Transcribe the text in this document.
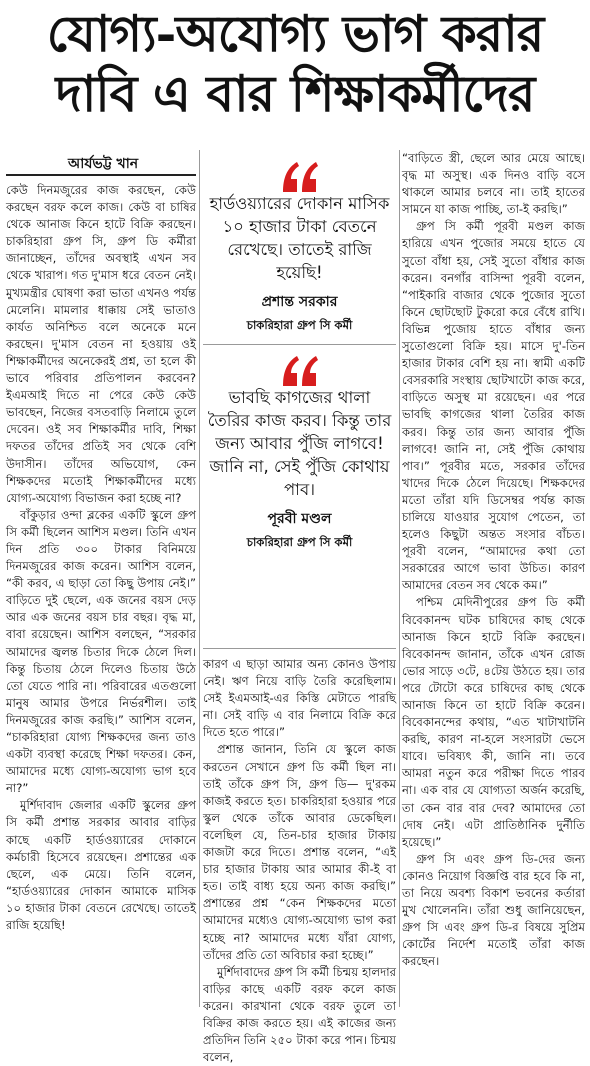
যোগ্য-অযোগ্য ভাগ করার
দাবি এ বার শিক্ষাকর্মীদের
আর্যভট্ট খান

কেউ দিনমজুরের কাজ করছেন, কেউ করছেন বরফ কলে কাজ। কেউ বা চাষির থেকে আনাজ কিনে হাটে বিক্রি করছেন। চাকরিহারা গ্রুপ সি, গ্রুপ ডি কর্মীরা জানাচ্ছেন, তাঁদের অবস্থাই এখন সব থেকে খারাপ। গত দু'মাস ধরে বেতন নেই। মুখ্যমন্ত্রীর ঘোষণা করা ভাতা এখনও পর্যন্ত মেলেনি। মামলার ধাক্কায় সেই ভাতাও কার্যত অনিশ্চিত বলে অনেকে মনে করছেন। দু'মাস বেতন না হওয়ায় ওই শিক্ষাকর্মীদের অনেকেরই প্রশ্ন, তা হলে কী ভাবে পরিবার প্রতিপালন করবেন? ইএমআই দিতে না পেরে কেউ কেউ ভাবছেন, নিজের বসতবাড়ি নিলামে তুলে দেবেন। ওই সব শিক্ষাকর্মীর দাবি, শিক্ষা দফতর তাঁদের প্রতিই সব থেকে বেশি উদাসীন। তাঁদের অভিযোগ, কেন শিক্ষকদের মতোই শিক্ষাকর্মীদের মধ্যে যোগ্য-অযোগ্য বিভাজন করা হচ্ছে না?

বাঁকুড়ার ওন্দা ব্লকের একটি স্কুলে গ্রুপ সি কর্মী ছিলেন আশিস মণ্ডল। তিনি এখন দিন প্রতি ৩০০ টাকার বিনিময়ে দিনমজুরের কাজ করেন। আশিস বলেন, “কী করব, এ ছাড়া তো কিছু উপায় নেই।” বাড়িতে দুই ছেলে, এক জনের বয়স দেড় আর এক জনের বয়স চার বছর। বৃদ্ধ মা, বাবা রয়েছেন। আশিস বলছেন, “সরকার আমাদের জ্বলন্ত চিতার দিকে ঠেলে দিল। কিন্তু চিতায় ঠেলে দিলেও চিতায় উঠে তো যেতে পারি না। পরিবারের এতগুলো মানুষ আমার উপরে নির্ভরশীল। তাই দিনমজুরের কাজ করছি।” আশিস বলেন, “চাকরিহারা যোগ্য শিক্ষকদের জন্য তাও একটা ব্যবস্থা করেছে শিক্ষা দফতর। কেন, আমাদের মধ্যে যোগ্য-অযোগ্য ভাগ হবে না?”

মুর্শিদাবাদ জেলার একটি স্কুলের গ্রুপ সি কর্মী প্রশান্ত সরকার আবার বাড়ির কাছে একটি হার্ডওয়্যারের দোকানে কর্মচারী হিসেবে রয়েছেন। প্রশান্তের এক ছেলে, এক মেয়ে। তিনি বলেন, “হার্ডওয়্যারের দোকান আমাকে মাসিক ১০ হাজার টাকা বেতনে রেখেছে। তাতেই রাজি হয়েছি!

হার্ডওয়্যারের দোকান মাসিক ১০ হাজার টাকা বেতনে রেখেছে। তাতেই রাজি হয়েছি!
প্রশান্ত সরকার
চাকরিহারা গ্রুপ সি কর্মী
ভাবছি কাগজের থালা তৈরির কাজ করব। কিন্তু তার জন্য আবার পুঁজি লাগবে! জানি না, সেই পুঁজি কোথায় পাব।
পূরবী মণ্ডল
চাকরিহারা গ্রুপ সি কর্মী

কারণ এ ছাড়া আমার অন্য কোনও উপায় নেই। ঋণ নিয়ে বাড়ি তৈরি করেছিলাম। সেই ইএমআই-এর কিস্তি মেটাতে পারছি না। সেই বাড়ি এ বার নিলামে বিক্রি করে দিতে হতে পারে।”

প্রশান্ত জানান, তিনি যে স্কুলে কাজ করতেন সেখানে গ্রুপ ডি কর্মী ছিল না। তাই তাঁকে গ্রুপ সি, গ্রুপ ডি— দু'রকম কাজই করতে হত। চাকরিহারা হওয়ার পরে স্কুল থেকে তাঁকে আবার ডেকেছিল। বলেছিল যে, তিন-চার হাজার টাকায় কাজটা করে দিতে। প্রশান্ত বলেন, “এই চার হাজার টাকায় আর আমার কী-ই বা হত। তাই বাধ্য হয়ে অন্য কাজ করছি।” প্রশান্তের প্রশ্ন “কেন শিক্ষকদের মতো আমাদের মধ্যেও যোগ্য-অযোগ্য ভাগ করা হচ্ছে না? আমাদের মধ্যে যাঁরা যোগ্য, তাঁদের প্রতি তো অবিচার করা হচ্ছে।”

মুর্শিদাবাদের গ্রুপ সি কর্মী চিন্ময় হালদার বাড়ির কাছে একটি বরফ কলে কাজ করেন। কারখানা থেকে বরফ তুলে তা বিক্রির কাজ করতে হয়। এই কাজের জন্য প্রতিদিন তিনি ২৫০ টাকা করে পান। চিন্ময় বলেন,

“বাড়িতে স্ত্রী, ছেলে আর মেয়ে আছে। বৃদ্ধ মা অসুস্থ। এক দিনও বাড়ি বসে থাকলে আমার চলবে না। তাই হাতের সামনে যা কাজ পাচ্ছি, তা-ই করছি।”

গ্রুপ সি কর্মী পূরবী মণ্ডল কাজ হারিয়ে এখন পুজোর সময়ে হাতে যে সুতো বাঁধা হয়, সেই সুতো বাঁধার কাজ করেন। বনগাঁর বাসিন্দা পূরবী বলেন, “পাইকারি বাজার থেকে পুজোর সুতো কিনে ছোটছোট টুকরো করে বেঁধে রাখি। বিভিন্ন পুজোয় হাতে বাঁধার জন্য সুতোগুলো বিক্রি হয়। মাসে দু'-তিন হাজার টাকার বেশি হয় না। স্বামী একটি বেসরকারি সংস্থায় ছোটখাটো কাজ করে, বাড়িতে অসুস্থ মা রয়েছেন। এর পরে ভাবছি কাগজের থালা তৈরির কাজ করব। কিন্তু তার জন্য আবার পুঁজি লাগবে! জানি না, সেই পুঁজি কোথায় পাব।” পূরবীর মতে, সরকার তাঁদের খাদের দিকে ঠেলে দিয়েছে। শিক্ষকদের মতো তাঁরা যদি ডিসেম্বর পর্যন্ত কাজ চালিয়ে যাওয়ার সুযোগ পেতেন, তা হলেও কিছুটা অন্তত সংসার বাঁচত। পূরবী বলেন, “আমাদের কথা তো সরকারের আগে ভাবা উচিত। কারণ আমাদের বেতন সব থেকে কম।”

পশ্চিম মেদিনীপুরের গ্রুপ ডি কর্মী বিবেকানন্দ ঘটক চাষিদের কাছ থেকে আনাজ কিনে হাটে বিক্রি করছেন। বিবেকানন্দ জানান, তাঁকে এখন রোজ ভোর সাড়ে ৩টে, ৪টেয় উঠতে হয়। তার পরে টোটো করে চাষিদের কাছ থেকে আনাজ কিনে তা হাটে বিক্রি করেন। বিবেকানন্দের কথায়, “এত খাটাখাটনি করছি, কারণ না-হলে সংসারটা ভেসে যাবে। ভবিষ্যৎ কী, জানি না। তবে আমরা নতুন করে পরীক্ষা দিতে পারব না। এক বার যে যোগ্যতা অর্জন করেছি, তা কেন বার বার দেব? আমাদের তো দোষ নেই। এটা প্রাতিষ্ঠানিক দুর্নীতি হয়েছে।”

গ্রুপ সি এবং গ্রুপ ডি-দের জন্য কোনও নিয়োগ বিজ্ঞপ্তি বার হবে কি না, তা নিয়ে অবশ্য বিকাশ ভবনের কর্তারা মুখ খোলেননি। তাঁরা শুধু জানিয়েছেন, গ্রুপ সি এবং গ্রুপ ডি-র বিষয়ে সুপ্রিম কোর্টের নির্দেশ মতোই তাঁরা কাজ করছেন।
